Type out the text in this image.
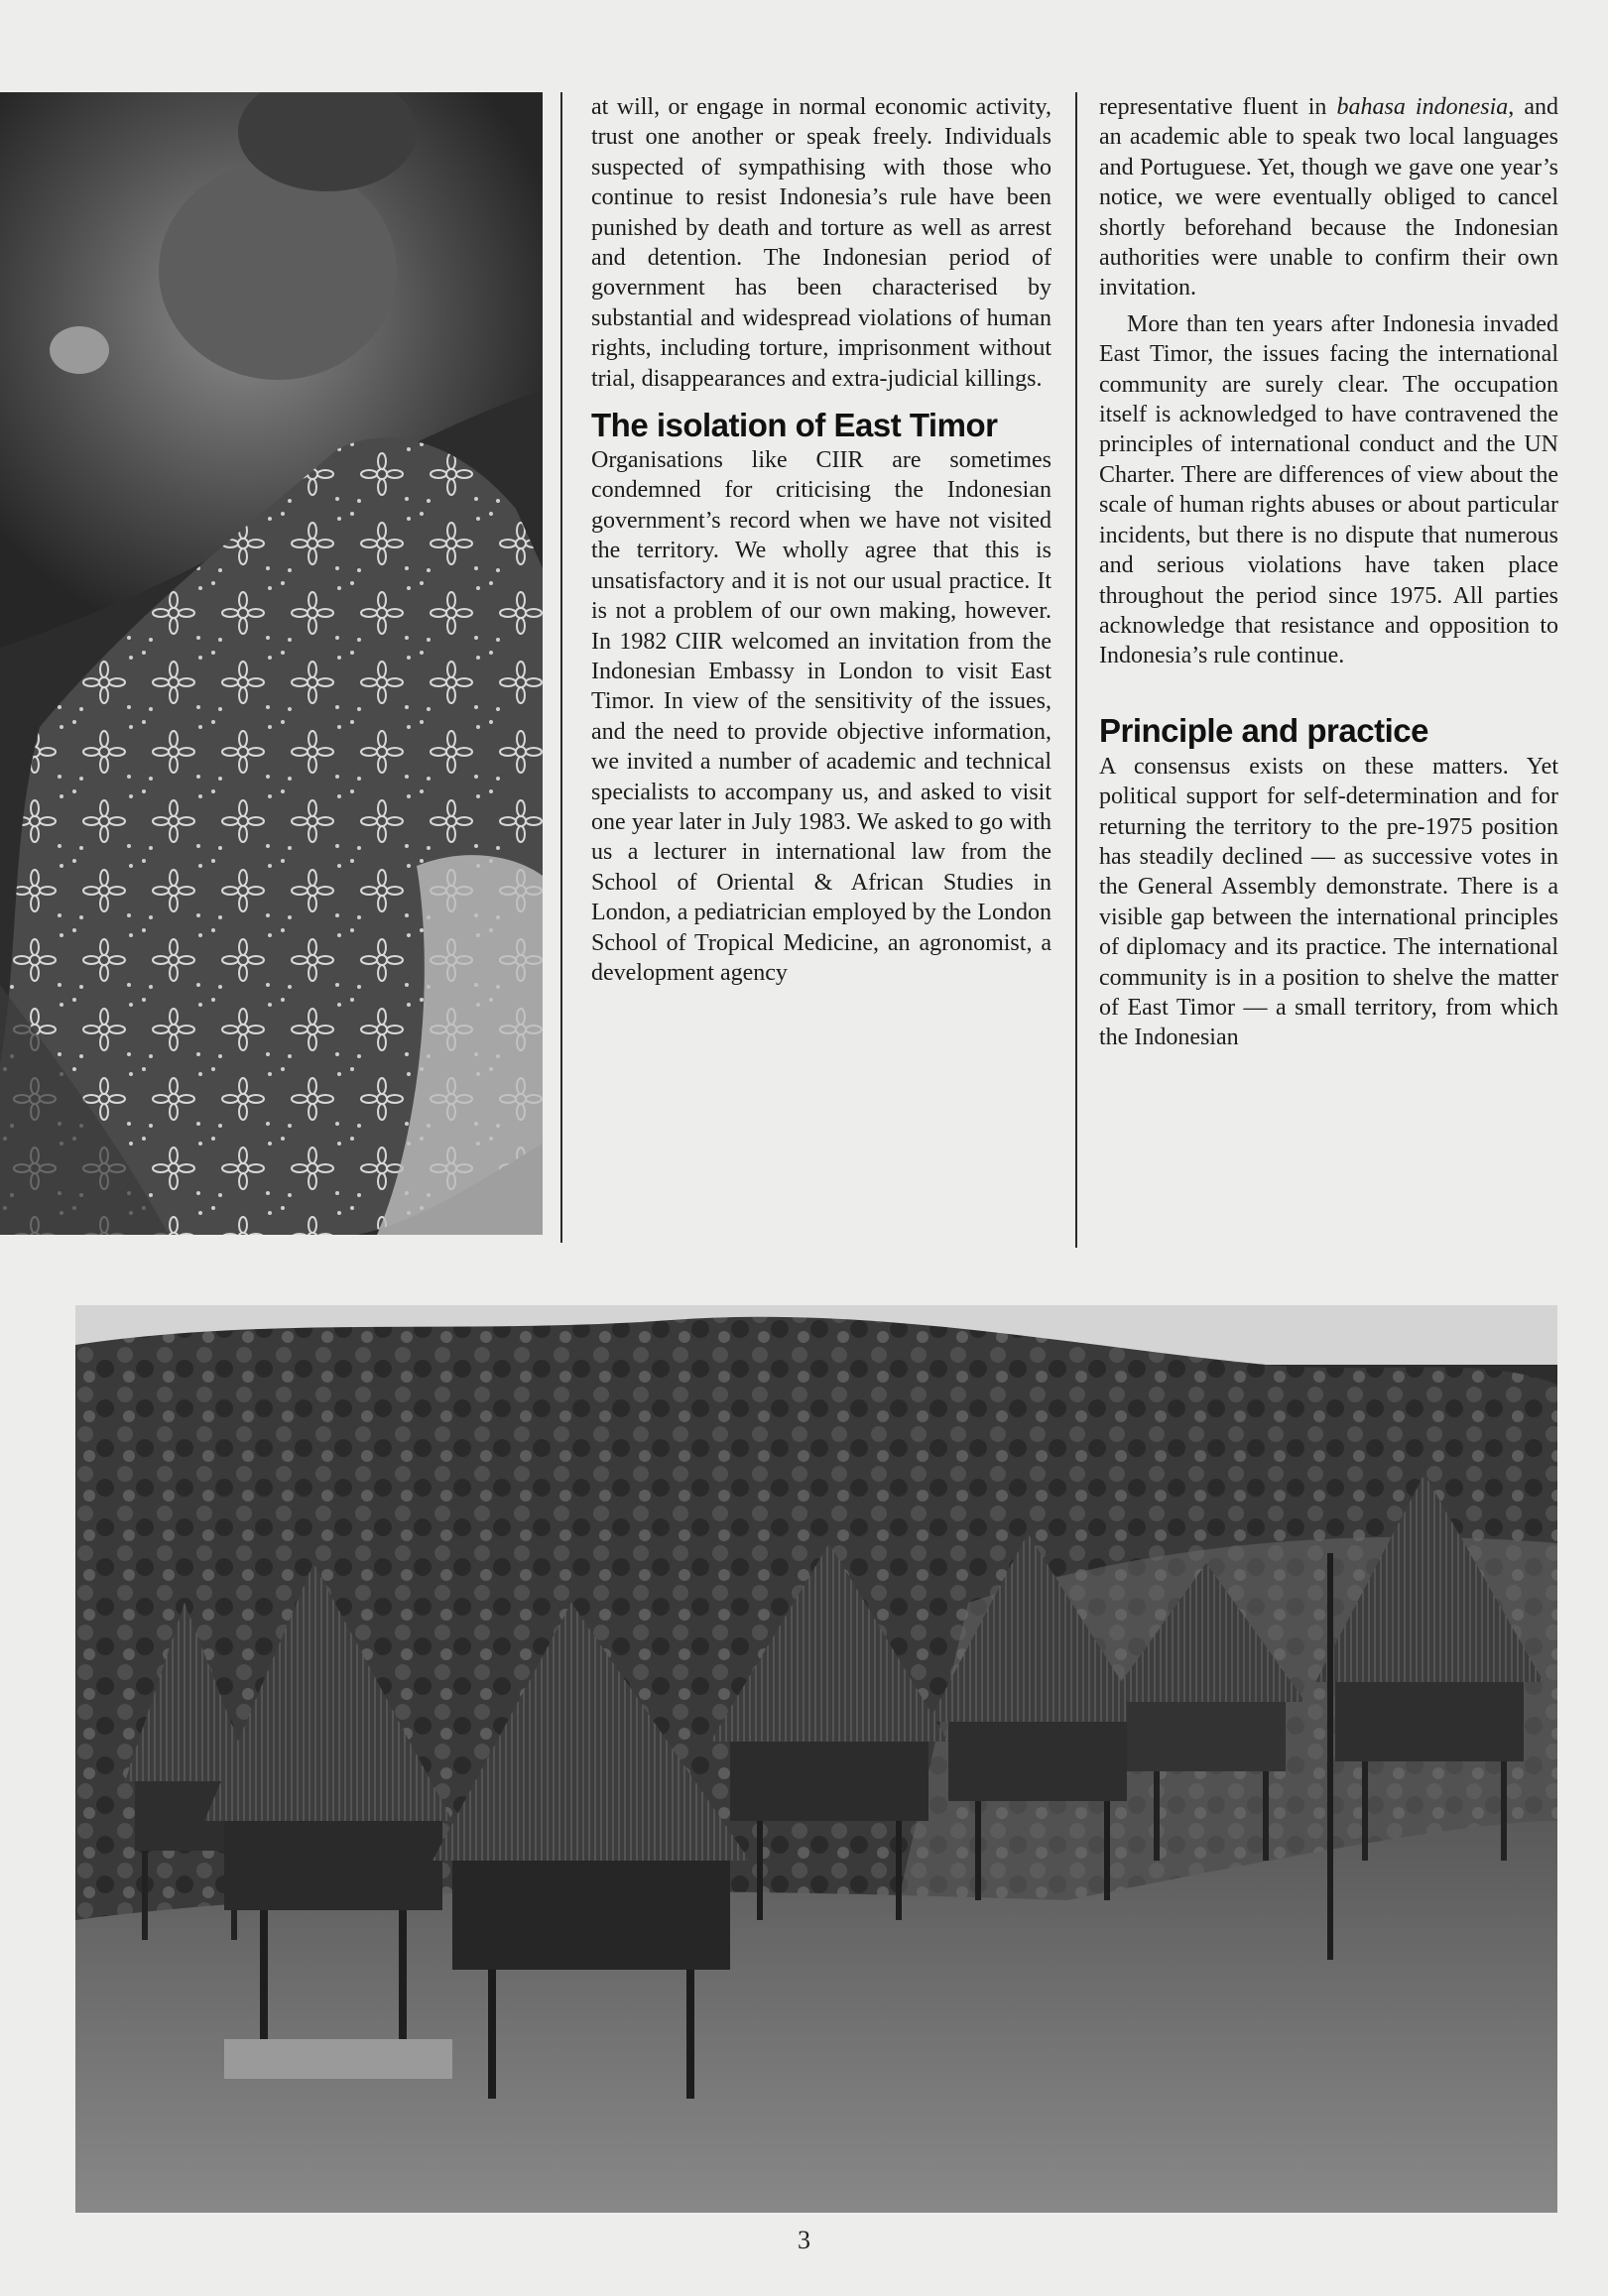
at will, or engage in normal economic activity, trust one another or speak freely. Individuals suspected of sympathising with those who continue to resist Indonesia’s rule have been punished by death and torture as well as arrest and detention. The Indonesian period of government has been characterised by substantial and widespread violations of human rights, including torture, imprisonment without trial, disappearances and extra-judicial killings.

The isolation of East Timor

Organisations like CIIR are sometimes condemned for criticising the Indonesian government’s record when we have not visited the territory. We wholly agree that this is unsatisfactory and it is not our usual practice. It is not a problem of our own making, however. In 1982 CIIR welcomed an invitation from the Indonesian Embassy in London to visit East Timor. In view of the sensitivity of the issues, and the need to provide objective information, we invited a number of academic and technical specialists to accompany us, and asked to visit one year later in July 1983. We asked to go with us a lecturer in international law from the School of Oriental & African Studies in London, a pediatrician employed by the London School of Tropical Medicine, an agronomist, a development agency

representative fluent in bahasa indonesia, and an academic able to speak two local languages and Portuguese. Yet, though we gave one year’s notice, we were eventually obliged to cancel shortly beforehand because the Indonesian authorities were unable to confirm their own invitation.

More than ten years after Indonesia invaded East Timor, the issues facing the international community are surely clear. The occupation itself is acknowledged to have contravened the principles of international conduct and the UN Charter. There are differences of view about the scale of human rights abuses or about particular incidents, but there is no dispute that numerous and serious violations have taken place throughout the period since 1975. All parties acknowledge that resistance and opposition to Indonesia’s rule continue.

Principle and practice

A consensus exists on these matters. Yet political support for self-determination and for returning the territory to the pre-1975 position has steadily declined — as successive votes in the General Assembly demonstrate. There is a visible gap between the international principles of diplomacy and its practice. The international community is in a position to shelve the matter of East Timor — a small territory, from which the Indonesian

3
